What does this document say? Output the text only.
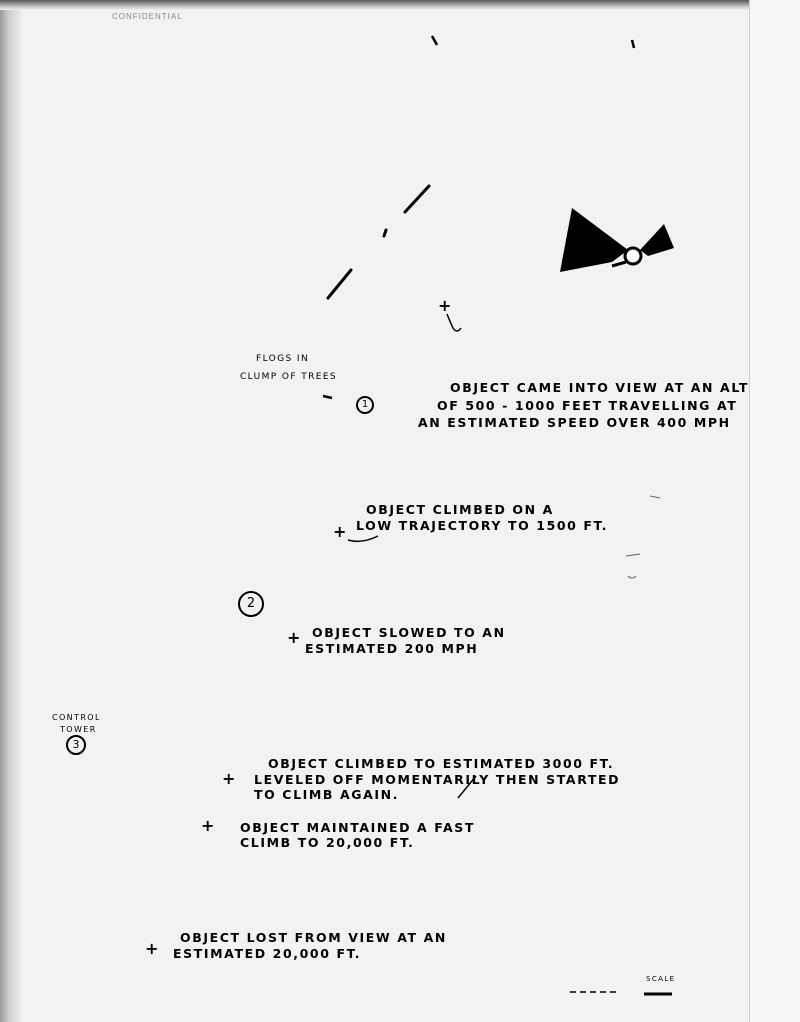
CONFIDENTIAL
+
+
+
+
+
+
FLOGS IN
CLUMP OF TREES
1
2
CONTROL
TOWER
3
OBJECT CAME INTO VIEW AT AN ALT
OF 500 - 1000 FEET TRAVELLING AT
AN ESTIMATED SPEED OVER 400 MPH
OBJECT CLIMBED ON A
LOW TRAJECTORY TO 1500 FT.
OBJECT SLOWED TO AN
ESTIMATED 200 MPH
OBJECT CLIMBED TO ESTIMATED 3000 FT.
LEVELED OFF MOMENTARILY THEN STARTED
TO CLIMB AGAIN.
OBJECT MAINTAINED A FAST
CLIMB TO 20,000 FT.
OBJECT LOST FROM VIEW AT AN
ESTIMATED 20,000 FT.
SCALE
